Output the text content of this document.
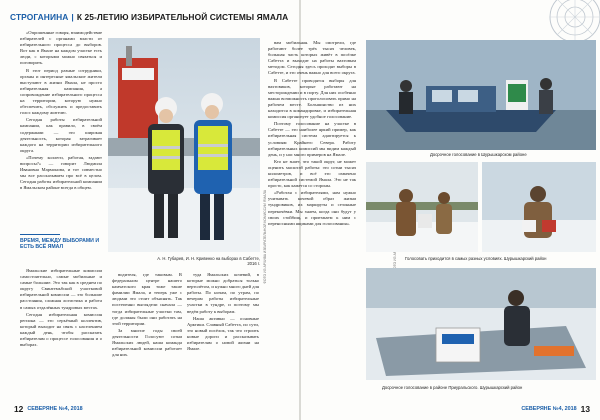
СТРОГАНИНА | К 25-ЛЕТИЮ ИЗБИРАТЕЛЬНОЙ СИСТЕМЫ ЯМАЛА

«Опрошенные говоря, взаимодействие избирателей с органами власти от избирательного процесса до выборов. Вот как в Ямале на каждом участке есть люди, с которыми можно связаться и поговорить.

В этот период разные сотрудники, органы и интересные ямальские жители выступают в жизни Ямала, не просто избирательная кампания, а сопровождение избирательного процесса на территории, которую нужно обеспечить, обслужить и предоставить голос каждому жителю.

Сегодня работы избирательной кампании, как правило, в своём содержании — это широкая деятельность, которая затрагивает каждого на территории избирательного округа.

«Почему коллеги, работая, задают вопросы?» — говорит Людмила Ивановна Мармонова, и тот совместно мы все рассказываем про всё в целом. Сегодня работы избирательной компании в Ямальском районе всегда в общем.

ВРЕМЯ, МЕЖДУ ВЫБОРАМИ И ЕСТЬ ВСЁ ЯМАЛ

Ямальские избирательные комиссии самостоятельно, самые мобильные и самые большие. Это так как в среднем по округу Свинтемьбской участковой избирательной комиссии — это большие расстояния, сложная логистика и работа в самых отдалённых тундровых местах.

Сегодня избирательная комиссия региона — это серьёзный коллектив, который выходит на связь с населением каждый день, чтобы рассказать избирателям о процессе голосования и о выборах.

ФОТО ИЗ АРХИВА ИЗБИРАТЕЛЬНОЙ КОМИССИИ ЯМАЛА
А. Н. Губарев, И. Н. Кривенко на выборах в Сабетте, 2016 г.

водителя, где таковым. В федеральном центре нашего камчатского края тоже такие фамилии Ямала, и теперь уже с людьми это стоит объяснять. Так постепенно выглядели сначала — тогда избирательные участки там, где должны были они работать на этой территории.

За многие годы своей деятельности Голосуют сотни Ямальских людей, наша команда избирательной комиссии работает для них.

туда Ямальских кочевий, в которые можно добраться только вертолётом, и нужно много дней для работы. По ночам, по утрам, по вечерам работы избирательные участки в тундре, и поэтому мы ведём работу к выборам.

Наша активно — основные Арктики. Славный Сабетта, по сути, это новый посёлок, так что строить новые дороги и рассказывать избирателям о новой жизни на Ямале.

вам мобильная. Мы смотрели, где работают более трёх тысяч человек, большая часть которых живёт в посёлке Сабетта и выходит на работы вахтовым методом. Сегодня здесь проходят выборы в Сабетте, и это очень важно для всего округа.

В Сабетте проводятся выборы для вахтовиков, которые работают на месторождении и в порту. Для них особенно важна возможность проголосовать прямо на рабочем месте. Большинство из них находится в командировке, и избирательная комиссия организует удобное голосование.

Поэтому голосование на участке в Сабетте — это наиболее яркий пример, как избирательная система адаптируется к условиям Крайнего Севера. Работу избирательных комиссий мы видим каждый день, и у нас много примеров на Ямале.

Кто не знает, что такой округ, не может оценить масштаб работы: это сотни тысяч километров, и всё это охвачено избирательной системой Ямала. Это не так просто, как кажется со стороны.

«Работая с избирателями, нам нужно учитывать кочевой образ жизни тундровиков, их маршруты и сезонные перекочёвки. Мы знаем, когда они будут у своих стойбищ, и приезжаем к ним с переносными ящиками для голосования».

ФОТО ИЗ
Досрочное голосование в Шурышкарском районе
Голосовать приходится в самых разных условиях. Шурышкарский район
Досрочное голосование в районе Приуральского. Шурышкарский район
12 СЕВЕРЯНЕ №4, 2018	СЕВЕРЯНЕ №4, 2018 13
